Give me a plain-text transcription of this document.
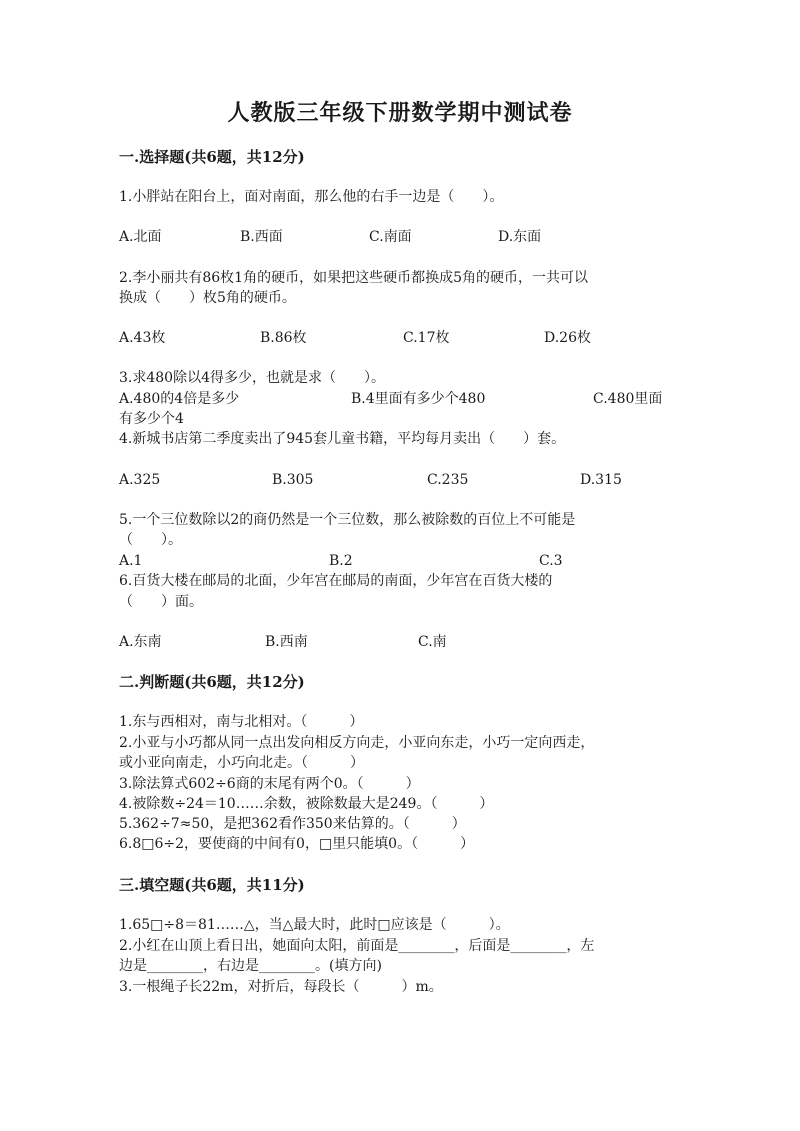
人教版三年级下册数学期中测试卷
一.选择题(共6题，共12分)
1.小胖站在阳台上，面对南面，那么他的右手一边是（　　）。
A.北面	B.西面	C.南面	D.东面
2.李小丽共有86枚1角的硬币，如果把这些硬币都换成5角的硬币，一共可以
换成（　　）枚5角的硬币。
A.43枚	B.86枚	C.17枚	D.26枚
3.求480除以4得多少，也就是求（　　）。
A.480的4倍是多少	B.4里面有多少个480	C.480里面
有多少个4
4.新城书店第二季度卖出了945套儿童书籍，平均每月卖出（　　）套。
A.325	B.305	C.235	D.315
5.一个三位数除以2的商仍然是一个三位数，那么被除数的百位上不可能是
（　　）。
A.1	B.2	C.3
6.百货大楼在邮局的北面，少年宫在邮局的南面，少年宫在百货大楼的
（　　）面。
A.东南	B.西南	C.南
二.判断题(共6题，共12分)
1.东与西相对，南与北相对。（　　　）
2.小亚与小巧都从同一点出发向相反方向走，小亚向东走，小巧一定向西走，
或小亚向南走，小巧向北走。（　　　）
3.除法算式602÷6商的末尾有两个0。（　　　）
4.被除数÷24＝10……余数，被除数最大是249。（　　　）
5.362÷7≈50，是把362看作350来估算的。（　　　）
6.8□6÷2，要使商的中间有0，□里只能填0。（　　　）
三.填空题(共6题，共11分)
1.65□÷8＝81……△，当△最大时，此时□应该是（　　　）。
2.小红在山顶上看日出，她面向太阳，前面是________，后面是________，左
边是________，右边是________。(填方向)
3.一根绳子长22m，对折后，每段长（　　　）m。
